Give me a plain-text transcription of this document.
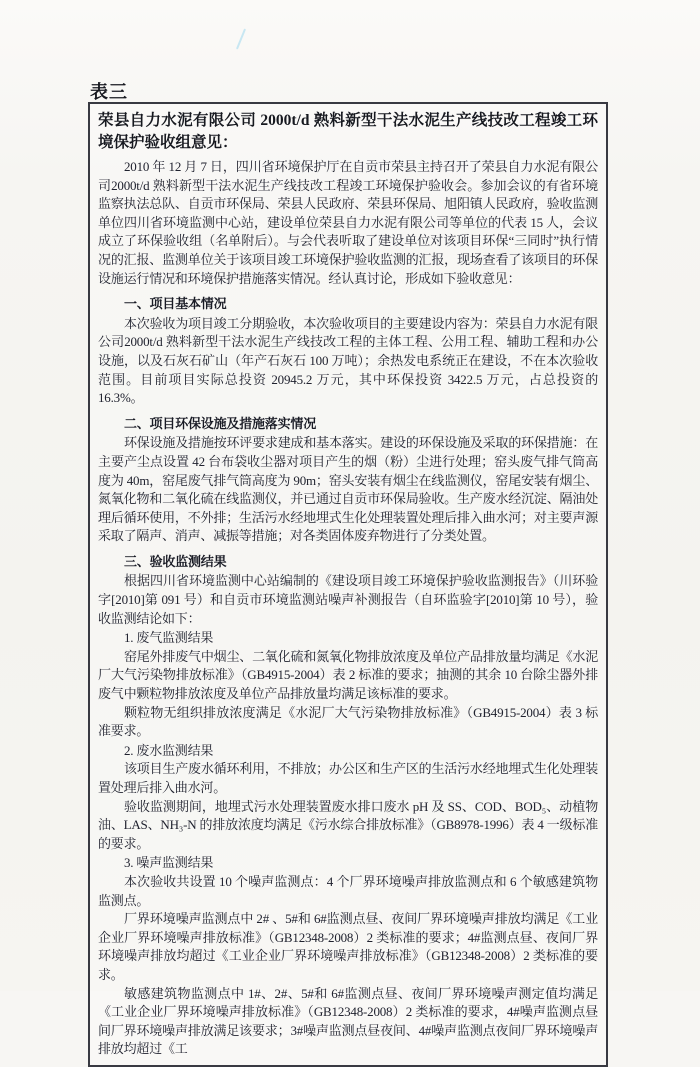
表三
荣县自力水泥有限公司 2000t/d 熟料新型干法水泥生产线技改工程竣工环境保护验收组意见：

2010 年 12 月 7 日，四川省环境保护厅在自贡市荣县主持召开了荣县自力水泥有限公司2000t/d 熟料新型干法水泥生产线技改工程竣工环境保护验收会。参加会议的有省环境监察执法总队、自贡市环保局、荣县人民政府、荣县环保局、旭阳镇人民政府，验收监测单位四川省环境监测中心站，建设单位荣县自力水泥有限公司等单位的代表 15 人，会议成立了环保验收组（名单附后）。与会代表听取了建设单位对该项目环保“三同时”执行情况的汇报、监测单位关于该项目竣工环境保护验收监测的汇报，现场查看了该项目的环保设施运行情况和环境保护措施落实情况。经认真讨论，形成如下验收意见：

一、项目基本情况

本次验收为项目竣工分期验收，本次验收项目的主要建设内容为：荣县自力水泥有限公司2000t/d 熟料新型干法水泥生产线技改工程的主体工程、公用工程、辅助工程和办公设施，以及石灰石矿山（年产石灰石 100 万吨）；余热发电系统正在建设，不在本次验收范围。目前项目实际总投资 20945.2 万元，其中环保投资 3422.5 万元，占总投资的 16.3%。

二、项目环保设施及措施落实情况

环保设施及措施按环评要求建成和基本落实。建设的环保设施及采取的环保措施：在主要产尘点设置 42 台布袋收尘器对项目产生的烟（粉）尘进行处理；窑头废气排气筒高度为 40m，窑尾废气排气筒高度为 90m；窑头安装有烟尘在线监测仪，窑尾安装有烟尘、氮氧化物和二氧化硫在线监测仪，并已通过自贡市环保局验收。生产废水经沉淀、隔油处理后循环使用，不外排；生活污水经地埋式生化处理装置处理后排入曲水河；对主要声源采取了隔声、消声、减振等措施；对各类固体废弃物进行了分类处置。

三、验收监测结果

根据四川省环境监测中心站编制的《建设项目竣工环境保护验收监测报告》（川环验字[2010]第 091 号）和自贡市环境监测站噪声补测报告（自环监验字[2010]第 10 号），验收监测结论如下：

1. 废气监测结果

窑尾外排废气中烟尘、二氧化硫和氮氧化物排放浓度及单位产品排放量均满足《水泥厂大气污染物排放标准》（GB4915-2004）表 2 标准的要求；抽测的其余 10 台除尘器外排废气中颗粒物排放浓度及单位产品排放量均满足该标准的要求。

颗粒物无组织排放浓度满足《水泥厂大气污染物排放标准》（GB4915-2004）表 3 标准要求。

2. 废水监测结果

该项目生产废水循环利用，不排放；办公区和生产区的生活污水经地埋式生化处理装置处理后排入曲水河。

验收监测期间，地埋式污水处理装置废水排口废水 pH 及 SS、COD、BOD₅、动植物油、LAS、NH₃-N 的排放浓度均满足《污水综合排放标准》（GB8978-1996）表 4 一级标准的要求。

3. 噪声监测结果

本次验收共设置 10 个噪声监测点：4 个厂界环境噪声排放监测点和 6 个敏感建筑物监测点。

厂界环境噪声监测点中 2# 、5#和 6#监测点昼、夜间厂界环境噪声排放均满足《工业企业厂界环境噪声排放标准》（GB12348-2008）2 类标准的要求；4#监测点昼、夜间厂界环境噪声排放均超过《工业企业厂界环境噪声排放标准》（GB12348-2008）2 类标准的要求。

敏感建筑物监测点中 1#、2#、5#和 6#监测点昼、夜间厂界环境噪声测定值均满足《工业企业厂界环境噪声排放标准》（GB12348-2008）2 类标准的要求，4#噪声监测点昼间厂界环境噪声排放满足该要求；3#噪声监测点昼夜间、4#噪声监测点夜间厂界环境噪声排放均超过《工
